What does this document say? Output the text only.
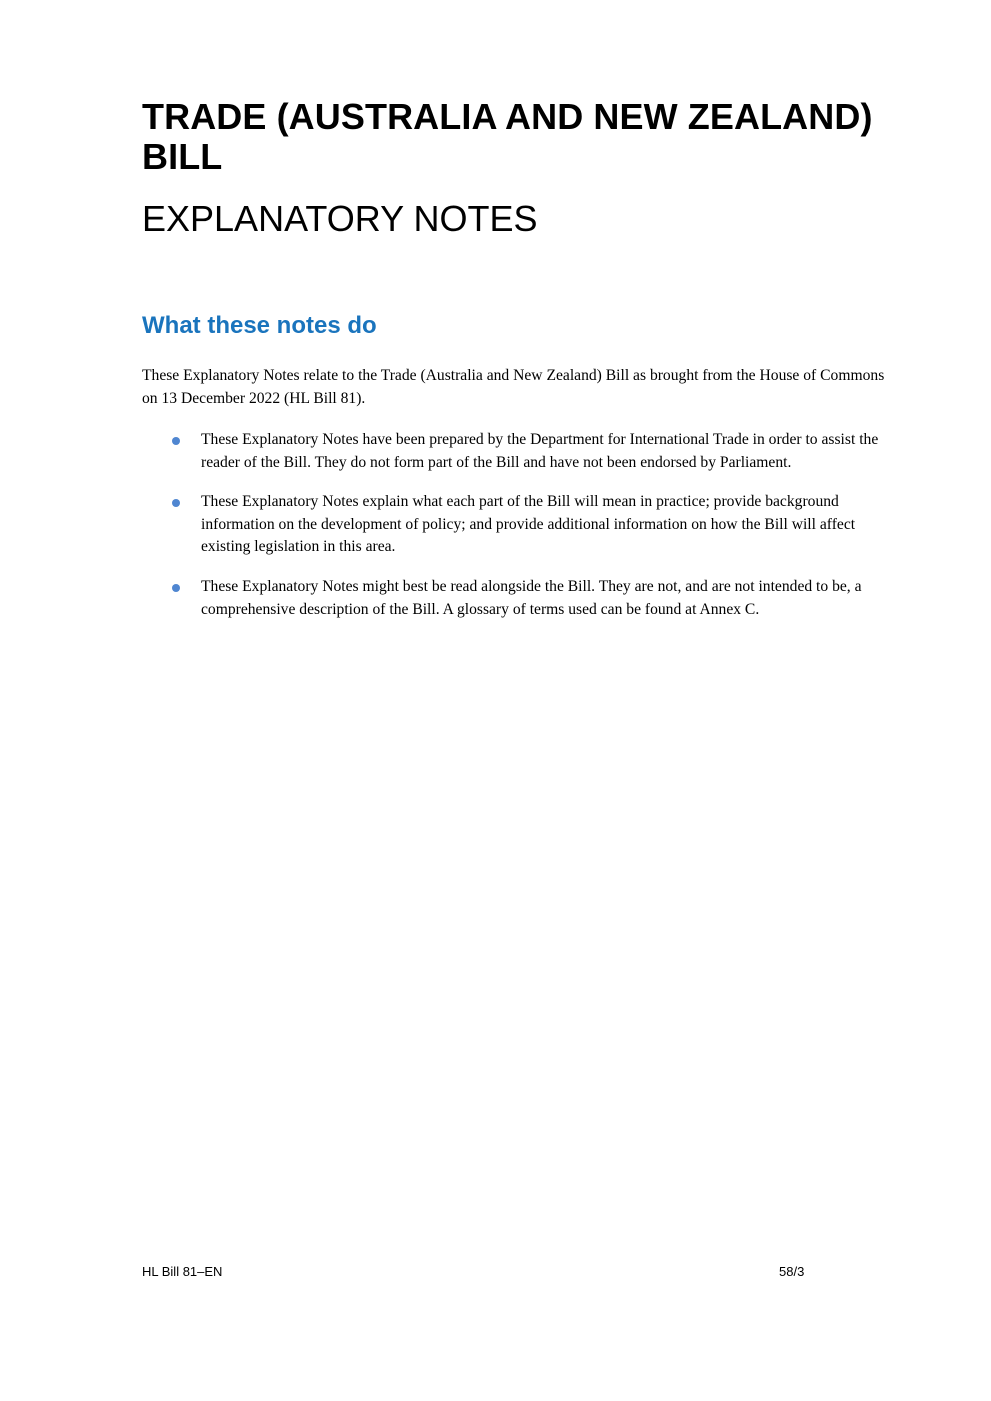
TRADE (AUSTRALIA AND NEW ZEALAND) BILL
EXPLANATORY NOTES
What these notes do

These Explanatory Notes relate to the Trade (Australia and New Zealand) Bill as brought from the House of Commons on 13 December 2022 (HL Bill 81).

These Explanatory Notes have been prepared by the Department for International Trade in order to assist the reader of the Bill. They do not form part of the Bill and have not been endorsed by Parliament.
These Explanatory Notes explain what each part of the Bill will mean in practice; provide background information on the development of policy; and provide additional information on how the Bill will affect existing legislation in this area.
These Explanatory Notes might best be read alongside the Bill. They are not, and are not intended to be, a comprehensive description of the Bill. A glossary of terms used can be found at Annex C.
HL Bill 81–EN	58/3
